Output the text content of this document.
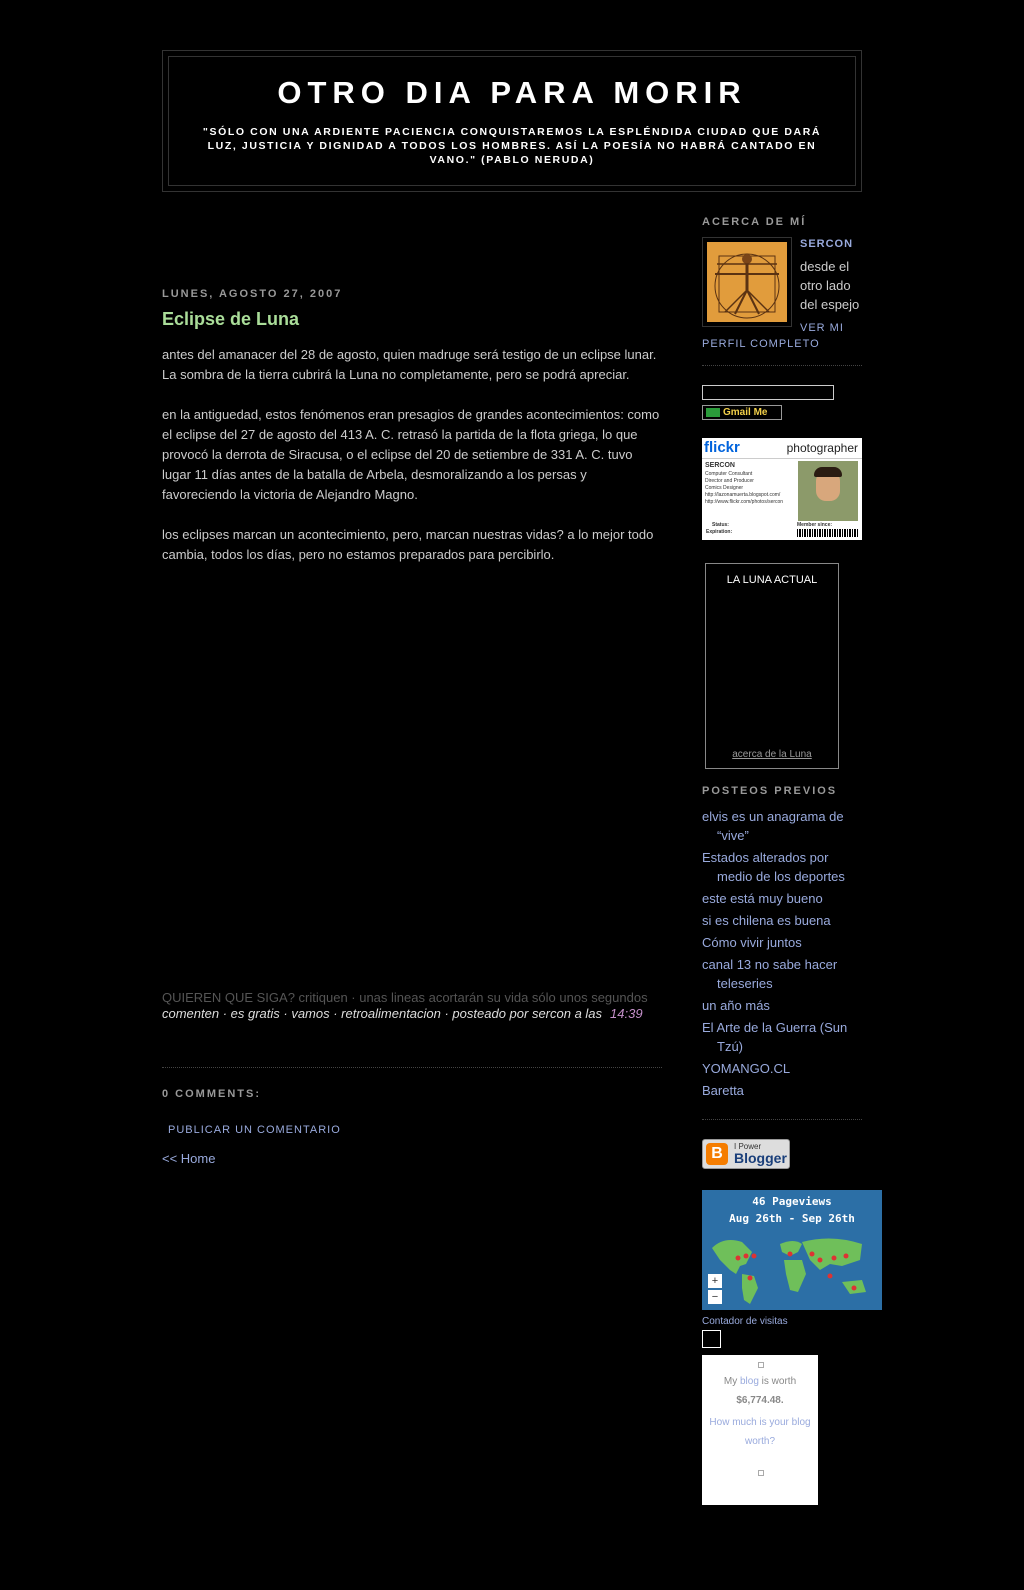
OTRO DIA PARA MORIR

"SÓLO CON UNA ARDIENTE PACIENCIA CONQUISTAREMOS LA ESPLÉNDIDA CIUDAD QUE DARÁ LUZ, JUSTICIA Y DIGNIDAD A TODOS LOS HOMBRES. ASÍ LA POESÍA NO HABRÁ CANTADO EN VANO." (PABLO NERUDA)

LUNES, AGOSTO 27, 2007
Eclipse de Luna

antes del amanacer del 28 de agosto, quien madruge será testigo de un eclipse lunar. La sombra de la tierra cubrirá la Luna no completamente, pero se podrá apreciar.

en la antiguedad, estos fenómenos eran presagios de grandes acontecimientos: como el eclipse del 27 de agosto del 413 A. C. retrasó la partida de la flota griega, lo que provocó la derrota de Siracusa, o el eclipse del 20 de setiembre de 331 A. C. tuvo lugar 11 días antes de la batalla de Arbela, desmoralizando a los persas y favoreciendo la victoria de Alejandro Magno.

los eclipses marcan un acontecimiento, pero, marcan nuestras vidas? a lo mejor todo cambia, todos los días, pero no estamos preparados para percibirlo.

QUIEREN QUE SIGA? critiquen · unas lineas acortarán su vida sólo unos segundos
comenten · es gratis · vamos · retroalimentacion · posteado por sercon a las 14:39
0 COMMENTS:
PUBLICAR UN COMENTARIO
<< Home
ACERCA DE MÍ
SERCON
desde el otro lado del espejo
VER MI PERFIL COMPLETO
Gmail Me
flickr	photographer
SERCON
Computer Consultant
Director and Producer
Comics Designer
http://lazonamuerta.blogspot.com/
http://www.flickr.com/photos/sercon
Status:
Expiration:
Member since:
LA LUNA ACTUAL
acerca de la Luna
POSTEOS PREVIOS
elvis es un anagrama de “vive”
Estados alterados por medio de los deportes
este está muy bueno
si es chilena es buena
Cómo vivir juntos
canal 13 no sabe hacer teleseries
un año más
El Arte de la Guerra (Sun Tzú)
YOMANGO.CL
Baretta
B	I Power
Blogger
46 Pageviews
Aug 26th - Sep 26th
+
−
Contador de visitas
My blog is worth
$6,774.48.
How much is your blog worth?
